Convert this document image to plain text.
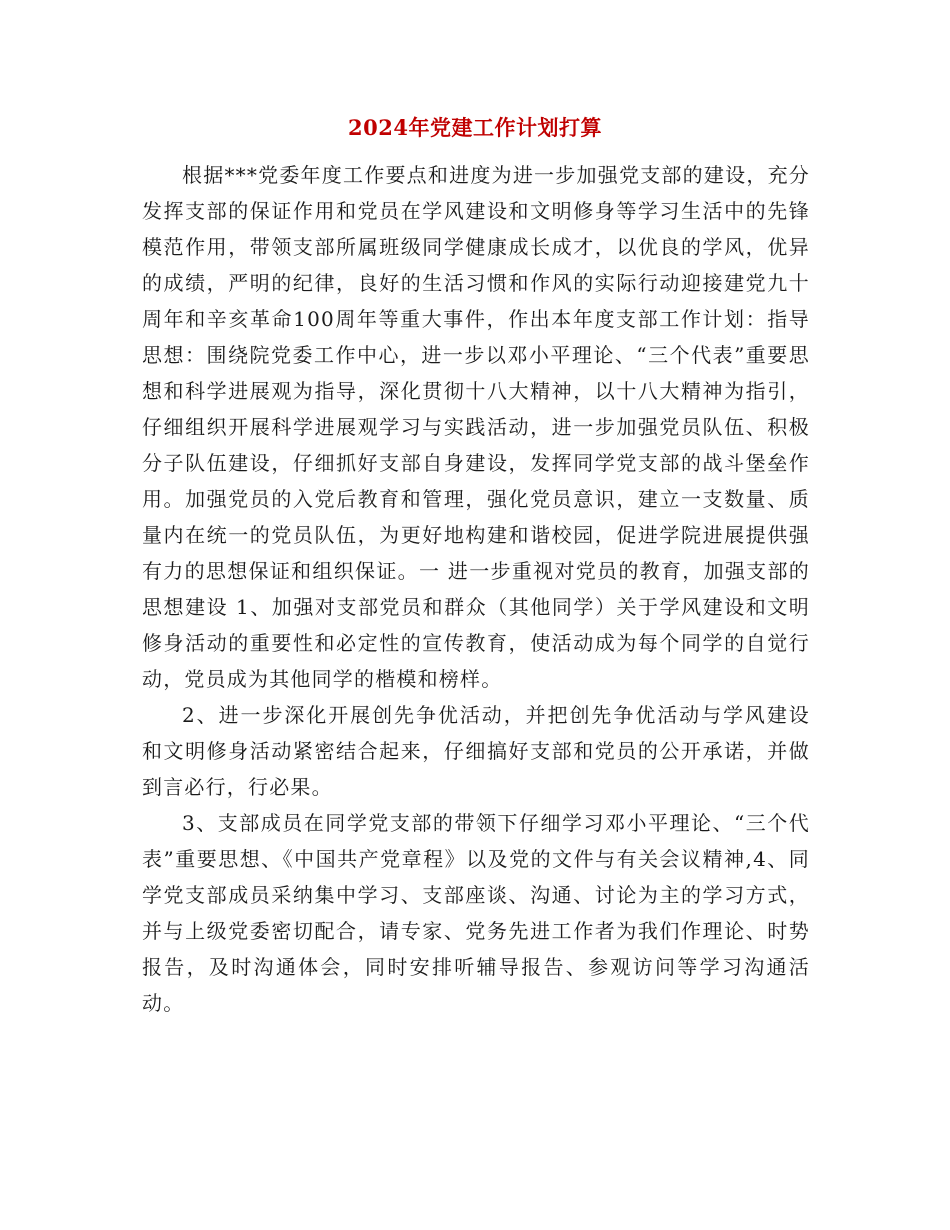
2024年党建工作计划打算

根据***党委年度工作要点和进度为进一步加强党支部的建设，充分发挥支部的保证作用和党员在学风建设和文明修身等学习生活中的先锋模范作用，带领支部所属班级同学健康成长成才，以优良的学风，优异的成绩，严明的纪律，良好的生活习惯和作风的实际行动迎接建党九十周年和辛亥革命100周年等重大事件，作出本年度支部工作计划：指导思想：围绕院党委工作中心，进一步以邓小平理论、“三个代表”重要思想和科学进展观为指导，深化贯彻十八大精神，以十八大精神为指引，仔细组织开展科学进展观学习与实践活动，进一步加强党员队伍、积极分子队伍建设，仔细抓好支部自身建设，发挥同学党支部的战斗堡垒作用。加强党员的入党后教育和管理，强化党员意识，建立一支数量、质量内在统一的党员队伍，为更好地构建和谐校园，促进学院进展提供强有力的思想保证和组织保证。一 进一步重视对党员的教育，加强支部的思想建设 1、加强对支部党员和群众（其他同学）关于学风建设和文明修身活动的重要性和必定性的宣传教育，使活动成为每个同学的自觉行动，党员成为其他同学的楷模和榜样。

2、进一步深化开展创先争优活动，并把创先争优活动与学风建设和文明修身活动紧密结合起来，仔细搞好支部和党员的公开承诺，并做到言必行，行必果。

3、支部成员在同学党支部的带领下仔细学习邓小平理论、“三个代表”重要思想、《中国共产党章程》以及党的文件与有关会议精神,4、同学党支部成员采纳集中学习、支部座谈、沟通、讨论为主的学习方式，并与上级党委密切配合，请专家、党务先进工作者为我们作理论、时势报告，及时沟通体会，同时安排听辅导报告、参观访问等学习沟通活动。
